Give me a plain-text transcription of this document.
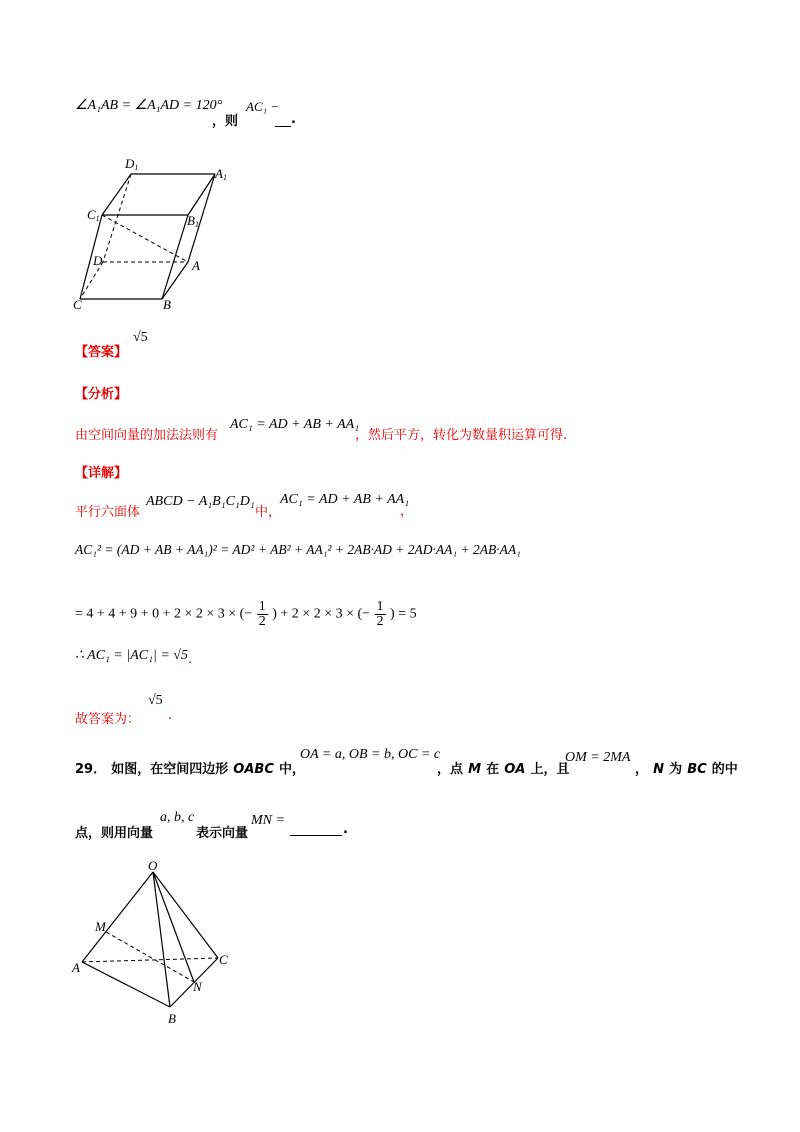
∠A₁AB = ∠A₁AD = 120°
，则
AC₁ −
.
D1	A1
C1	B1
D	A
C	B
【答案】
√5
【分析】
由空间向量的加法法则有
AC₁ = AD + AB + AA₁
，然后平方，转化为数量积运算可得.
【详解】
平行六面体
ABCD − A₁B₁C₁D₁
中，
AC₁ = AD + AB + AA₁
，
AC₁² = (AD + AB + AA₁)² = AD² + AB² + AA₁² + 2AB·AD + 2AD·AA₁ + 2AB·AA₁
= 4 + 4 + 9 + 0 + 2 × 2 × 3 × (− $\frac{1}{2}$ ) + 2 × 2 × 3 × (− $\frac{1}{2}$ ) = 5
∴ AC₁ = |AC₁| = √5 .
故答案为：
√5
.
29． 如图，在空间四边形 OABC 中，
OA = a, OB = b, OC = c
，点 M 在 OA 上，且
OM = 2MA
， N 为 BC 的中
点，则用向量
a, b, c
表示向量
MN =
.
O
M
A
C
N
B
